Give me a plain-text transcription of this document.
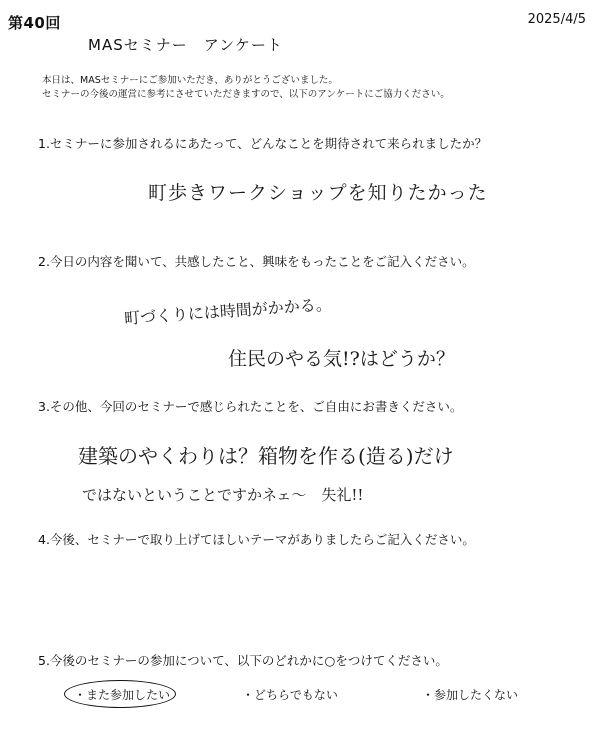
第40回	2025/4/5
MASセミナー　アンケート
本日は、MASセミナーにご参加いただき、ありがとうございました。
セミナーの今後の運営に参考にさせていただきますので、以下のアンケートにご協力ください。
1.セミナーに参加されるにあたって、どんなことを期待されて来られましたか？
町歩きワークショップを知りたかった
2.今日の内容を聞いて、共感したこと、興味をもったことをご記入ください。
町づくりには時間がかかる。
住民のやる気!?はどうか？
3.その他、今回のセミナーで感じられたことを、ご自由にお書きください。
建築のやくわりは？箱物を作る(造る)だけ
ではないということですかネェ〜　失礼!!
4.今後、セミナーで取り上げてほしいテーマがありましたらご記入ください。
5.今後のセミナーの参加について、以下のどれかに○をつけてください。
・また参加したい	・どちらでもない	・参加したくない
